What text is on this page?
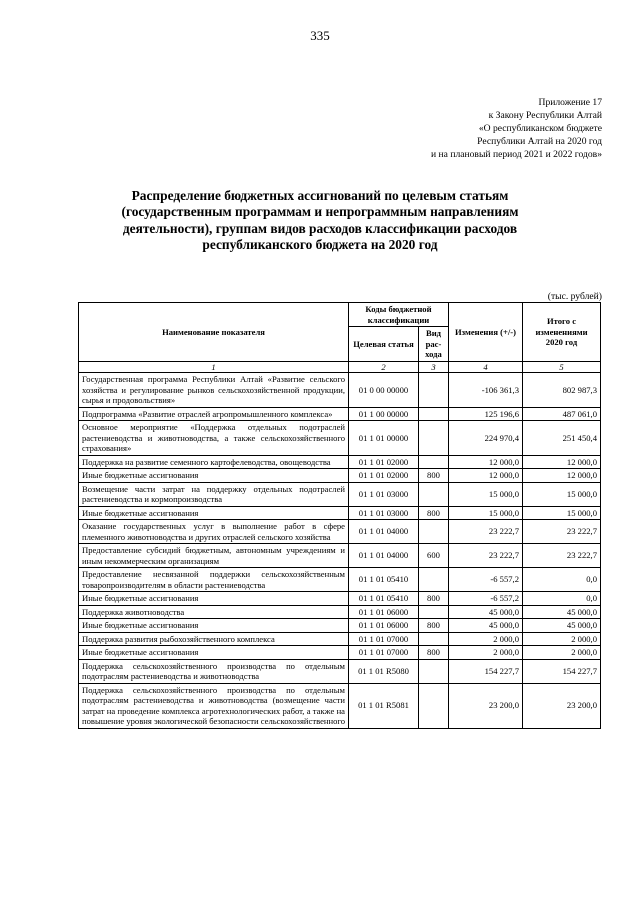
335
Приложение 17
к Закону Республики Алтай
«О республиканском бюджете
Республики Алтай на 2020 год
и на плановый период 2021 и 2022 годов»
Распределение бюджетных ассигнований по целевым статьям
(государственным программам и непрограммным направлениям
деятельности), группам видов расходов классификации расходов
республиканского бюджета на 2020 год
(тыс. рублей)
Наименование показателя	Коды бюджетной классификации		Изменения (+/-)	Итого с изменениями 2020 год
	Целевая статья	Вид рас-хода		
1	2	3	4	5
Государственная программа Республики Алтай «Развитие сельского хозяйства и регулирование рынков сельскохозяйственной продукции, сырья и продовольствия»	01 0 00 00000		-106 361,3	802 987,3
Подпрограмма «Развитие отраслей агропромышленного комплекса»	01 1 00 00000		125 196,6	487 061,0
Основное мероприятие «Поддержка отдельных подотраслей растениеводства и животноводства, а также сельскохозяйственного страхования»	01 1 01 00000		224 970,4	251 450,4
Поддержка на развитие семенного картофелеводства, овощеводства	01 1 01 02000		12 000,0	12 000,0
Иные бюджетные ассигнования	01 1 01 02000	800	12 000,0	12 000,0
Возмещение части затрат на поддержку отдельных подотраслей растениеводства и кормопроизводства	01 1 01 03000		15 000,0	15 000,0
Иные бюджетные ассигнования	01 1 01 03000	800	15 000,0	15 000,0
Оказание государственных услуг в выполнение работ в сфере племенного животноводства и других отраслей сельского хозяйства	01 1 01 04000		23 222,7	23 222,7
Предоставление субсидий бюджетным, автономным учреждениям и иным некоммерческим организациям	01 1 01 04000	600	23 222,7	23 222,7
Предоставление несвязанной поддержки сельскохозяйственным товаропроизводителям в области растениеводства	01 1 01 05410		-6 557,2	0,0
Иные бюджетные ассигнования	01 1 01 05410	800	-6 557,2	0,0
Поддержка животноводства	01 1 01 06000		45 000,0	45 000,0
Иные бюджетные ассигнования	01 1 01 06000	800	45 000,0	45 000,0
Поддержка развития рыбохозяйственного комплекса	01 1 01 07000		2 000,0	2 000,0
Иные бюджетные ассигнования	01 1 01 07000	800	2 000,0	2 000,0
Поддержка сельскохозяйственного производства по отдельным подотраслям растениеводства и животноводства	01 1 01 R5080		154 227,7	154 227,7
Поддержка сельскохозяйственного производства по отдельным подотраслям растениеводства и животноводства (возмещение части затрат на проведение комплекса агротехнологических работ, а также на повышение уровня экологической безопасности сельскохозяйственного	01 1 01 R5081		23 200,0	23 200,0
